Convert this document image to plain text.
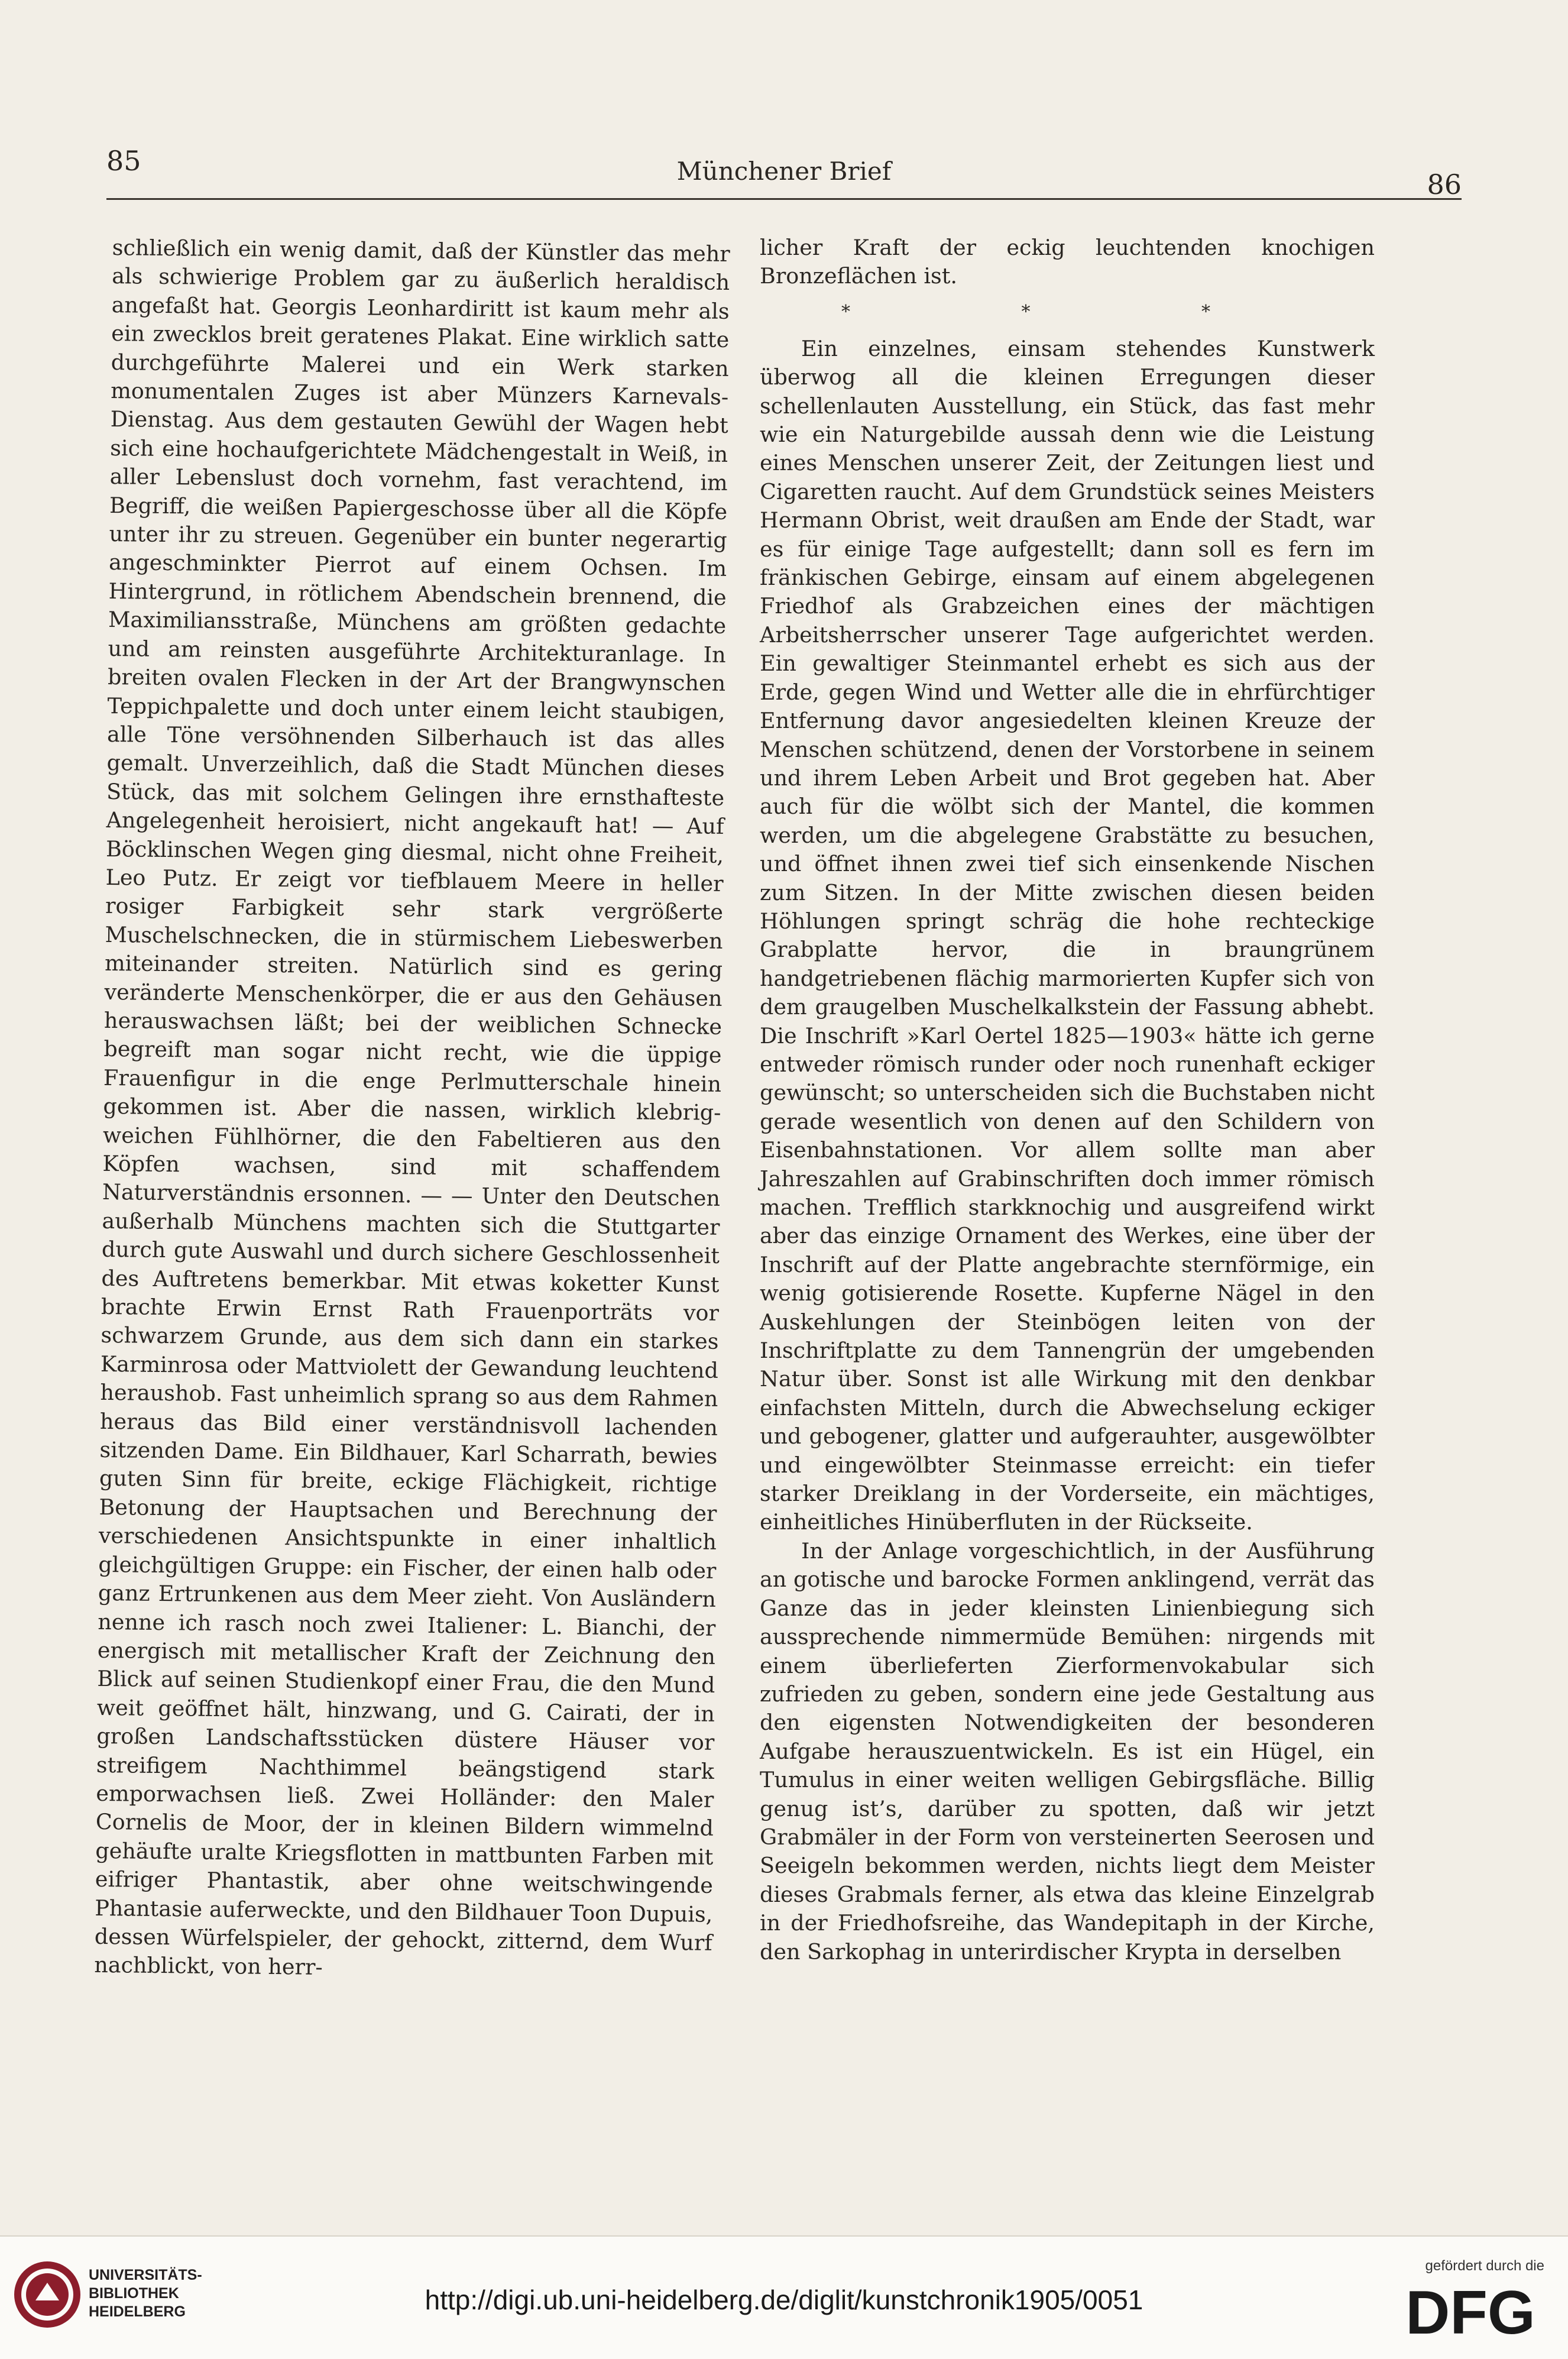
85	Münchener Brief	86

schließlich ein wenig damit, daß der Künstler das mehr als schwierige Problem gar zu äußerlich heraldisch angefaßt hat. Georgis Leonhardiritt ist kaum mehr als ein zwecklos breit geratenes Plakat. Eine wirklich satte durchgeführte Malerei und ein Werk starken monumentalen Zuges ist aber Münzers Karnevals-Dienstag. Aus dem gestauten Gewühl der Wagen hebt sich eine hochaufgerichtete Mädchengestalt in Weiß, in aller Lebenslust doch vornehm, fast verachtend, im Begriff, die weißen Papiergeschosse über all die Köpfe unter ihr zu streuen. Gegenüber ein bunter negerartig angeschminkter Pierrot auf einem Ochsen. Im Hintergrund, in rötlichem Abendschein brennend, die Maximiliansstraße, Münchens am größten gedachte und am reinsten ausgeführte Architekturanlage. In breiten ovalen Flecken in der Art der Brangwynschen Teppichpalette und doch unter einem leicht staubigen, alle Töne versöhnenden Silberhauch ist das alles gemalt. Unverzeihlich, daß die Stadt München dieses Stück, das mit solchem Gelingen ihre ernsthafteste Angelegenheit heroisiert, nicht angekauft hat! — Auf Böcklinschen Wegen ging diesmal, nicht ohne Freiheit, Leo Putz. Er zeigt vor tiefblauem Meere in heller rosiger Farbigkeit sehr stark vergrößerte Muschelschnecken, die in stürmischem Liebeswerben miteinander streiten. Natürlich sind es gering veränderte Menschenkörper, die er aus den Gehäusen herauswachsen läßt; bei der weiblichen Schnecke begreift man sogar nicht recht, wie die üppige Frauenfigur in die enge Perlmutterschale hinein gekommen ist. Aber die nassen, wirklich klebrig-weichen Fühlhörner, die den Fabeltieren aus den Köpfen wachsen, sind mit schaffendem Naturverständnis ersonnen. — — Unter den Deutschen außerhalb Münchens machten sich die Stuttgarter durch gute Auswahl und durch sichere Geschlossenheit des Auftretens bemerkbar. Mit etwas koketter Kunst brachte Erwin Ernst Rath Frauenporträts vor schwarzem Grunde, aus dem sich dann ein starkes Karminrosa oder Mattviolett der Gewandung leuchtend heraushob. Fast unheimlich sprang so aus dem Rahmen heraus das Bild einer verständnisvoll lachenden sitzenden Dame. Ein Bildhauer, Karl Scharrath, bewies guten Sinn für breite, eckige Flächigkeit, richtige Betonung der Hauptsachen und Berechnung der verschiedenen Ansichtspunkte in einer inhaltlich gleichgültigen Gruppe: ein Fischer, der einen halb oder ganz Ertrunkenen aus dem Meer zieht. Von Ausländern nenne ich rasch noch zwei Italiener: L. Bianchi, der energisch mit metallischer Kraft der Zeichnung den Blick auf seinen Studienkopf einer Frau, die den Mund weit geöffnet hält, hinzwang, und G. Cairati, der in großen Landschaftsstücken düstere Häuser vor streifigem Nachthimmel beängstigend stark emporwachsen ließ. Zwei Holländer: den Maler Cornelis de Moor, der in kleinen Bildern wimmelnd gehäufte uralte Kriegsflotten in mattbunten Farben mit eifriger Phantastik, aber ohne weitschwingende Phantasie auferweckte, und den Bildhauer Toon Dupuis, dessen Würfelspieler, der gehockt, zitternd, dem Wurf nachblickt, von herr-

licher Kraft der eckig leuchtenden knochigen Bronzeflächen ist.

*	*	*

Ein einzelnes, einsam stehendes Kunstwerk überwog all die kleinen Erregungen dieser schellenlauten Ausstellung, ein Stück, das fast mehr wie ein Naturgebilde aussah denn wie die Leistung eines Menschen unserer Zeit, der Zeitungen liest und Cigaretten raucht. Auf dem Grundstück seines Meisters Hermann Obrist, weit draußen am Ende der Stadt, war es für einige Tage aufgestellt; dann soll es fern im fränkischen Gebirge, einsam auf einem abgelegenen Friedhof als Grabzeichen eines der mächtigen Arbeitsherrscher unserer Tage aufgerichtet werden. Ein gewaltiger Steinmantel erhebt es sich aus der Erde, gegen Wind und Wetter alle die in ehrfürchtiger Entfernung davor angesiedelten kleinen Kreuze der Menschen schützend, denen der Vorstorbene in seinem und ihrem Leben Arbeit und Brot gegeben hat. Aber auch für die wölbt sich der Mantel, die kommen werden, um die abgelegene Grabstätte zu besuchen, und öffnet ihnen zwei tief sich einsenkende Nischen zum Sitzen. In der Mitte zwischen diesen beiden Höhlungen springt schräg die hohe rechteckige Grabplatte hervor, die in braungrünem handgetriebenen flächig marmorierten Kupfer sich von dem graugelben Muschelkalkstein der Fassung abhebt. Die Inschrift »Karl Oertel 1825—1903« hätte ich gerne entweder römisch runder oder noch runenhaft eckiger gewünscht; so unterscheiden sich die Buchstaben nicht gerade wesentlich von denen auf den Schildern von Eisenbahnstationen. Vor allem sollte man aber Jahreszahlen auf Grabinschriften doch immer römisch machen. Trefflich starkknochig und ausgreifend wirkt aber das einzige Ornament des Werkes, eine über der Inschrift auf der Platte angebrachte sternförmige, ein wenig gotisierende Rosette. Kupferne Nägel in den Auskehlungen der Steinbögen leiten von der Inschriftplatte zu dem Tannengrün der umgebenden Natur über. Sonst ist alle Wirkung mit den denkbar einfachsten Mitteln, durch die Abwechselung eckiger und gebogener, glatter und aufgerauhter, ausgewölbter und eingewölbter Steinmasse erreicht: ein tiefer starker Dreiklang in der Vorderseite, ein mächtiges, einheitliches Hinüberfluten in der Rückseite.

In der Anlage vorgeschichtlich, in der Ausführung an gotische und barocke Formen anklingend, verrät das Ganze das in jeder kleinsten Linienbiegung sich aussprechende nimmermüde Bemühen: nirgends mit einem überlieferten Zierformenvokabular sich zufrieden zu geben, sondern eine jede Gestaltung aus den eigensten Notwendigkeiten der besonderen Aufgabe herauszuentwickeln. Es ist ein Hügel, ein Tumulus in einer weiten welligen Gebirgsfläche. Billig genug ist’s, darüber zu spotten, daß wir jetzt Grabmäler in der Form von versteinerten Seerosen und Seeigeln bekommen werden, nichts liegt dem Meister dieses Grabmals ferner, als etwa das kleine Einzelgrab in der Friedhofsreihe, das Wandepitaph in der Kirche, den Sarkophag in unterirdischer Krypta in derselben

UNIVERSITÄTS-
BIBLIOTHEK
HEIDELBERG	http://digi.ub.uni-heidelberg.de/diglit/kunstchronik1905/0051
gefördert durch die
DFG
